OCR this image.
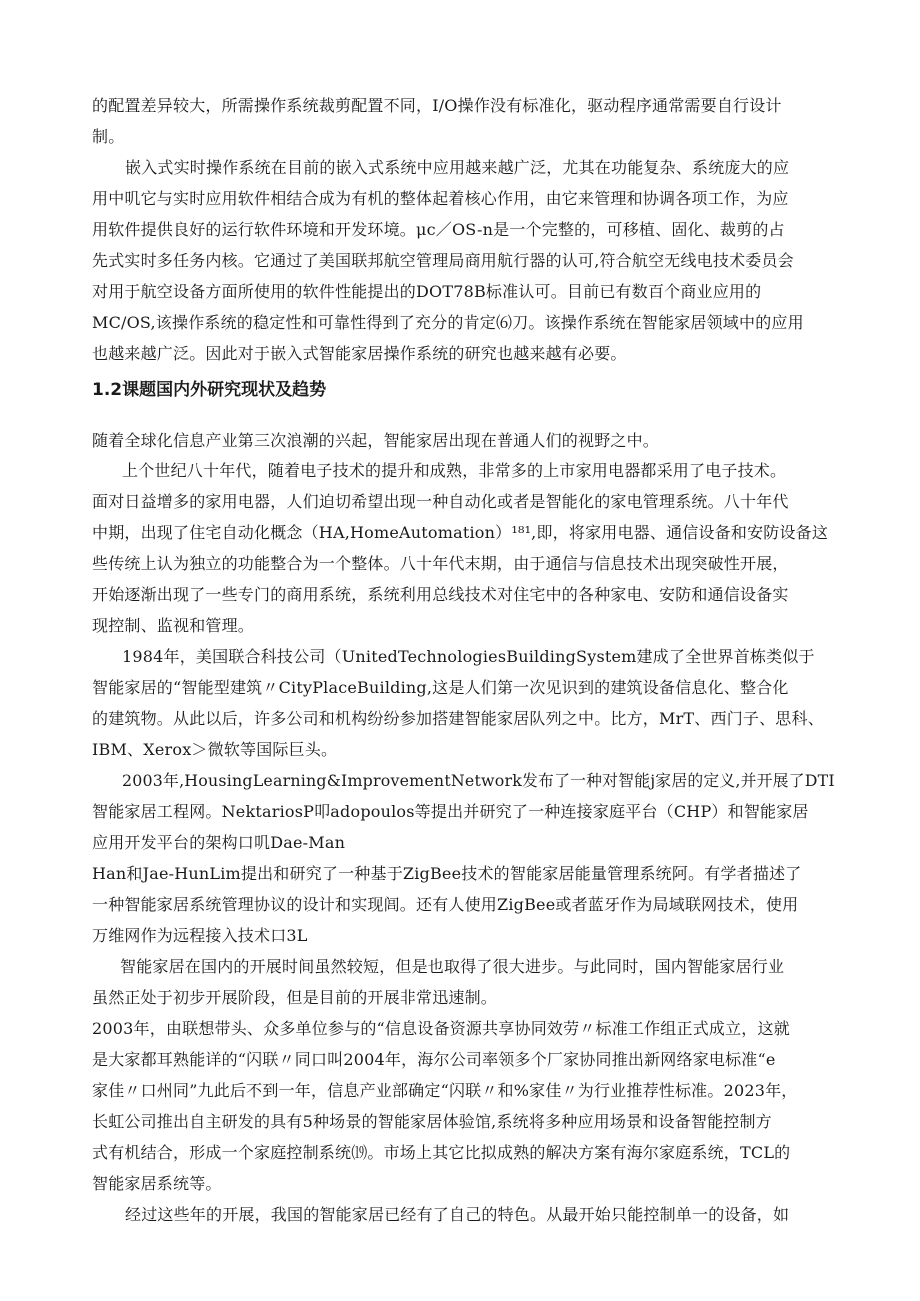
的配置差异较大，所需操作系统裁剪配置不同，I/O操作没有标准化，驱动程序通常需要自行设计
制。
嵌入式实时操作系统在目前的嵌入式系统中应用越来越广泛，尤其在功能复杂、系统庞大的应
用中叽它与实时应用软件相结合成为有机的整体起着核心作用，由它来管理和协调各项工作，为应
用软件提供良好的运行软件环境和开发环境。μc／OS-n是一个完整的，可移植、固化、裁剪的占
先式实时多任务内核。它通过了美国联邦航空管理局商用航行器的认可,符合航空无线电技术委员会
对用于航空设备方面所使用的软件性能提出的DOT78B标准认可。目前已有数百个商业应用的
MC/OS,该操作系统的稳定性和可靠性得到了充分的肯定⑹刀。该操作系统在智能家居领域中的应用
也越来越广泛。因此对于嵌入式智能家居操作系统的研究也越来越有必要。
1.2课题国内外研究现状及趋势
随着全球化信息产业第三次浪潮的兴起，智能家居出现在普通人们的视野之中。
上个世纪八十年代，随着电子技术的提升和成熟，非常多的上市家用电器都采用了电子技术。
面对日益增多的家用电器，人们迫切希望出现一种自动化或者是智能化的家电管理系统。八十年代
中期，出现了住宅自动化概念（HA,HomeAutomation）¹⁸¹,即，将家用电器、通信设备和安防设备这
些传统上认为独立的功能整合为一个整体。八十年代末期，由于通信与信息技术出现突破性开展，
开始逐渐出现了一些专门的商用系统，系统利用总线技术对住宅中的各种家电、安防和通信设备实
现控制、监视和管理。
1984年，美国联合科技公司（UnitedTechnologiesBuildingSystem建成了全世界首栋类似于
智能家居的“智能型建筑〃CityPlaceBuilding,这是人们第一次见识到的建筑设备信息化、整合化
的建筑物。从此以后，许多公司和机构纷纷参加搭建智能家居队列之中。比方，MrT、西门子、思科、
IBM、Xerox＞微软等国际巨头。
2003年,HousingLearning&ImprovementNetwork发布了一种对智能j家居的定义,并开展了DTI
智能家居工程网。NektariosP叩adopoulos等提出并研究了一种连接家庭平台（CHP）和智能家居
应用开发平台的架构口叽Dae-Man
Han和Jae-HunLim提出和研究了一种基于ZigBee技术的智能家居能量管理系统阿。有学者描述了
一种智能家居系统管理协议的设计和实现闾。还有人使用ZigBee或者蓝牙作为局域联网技术，使用
万维网作为远程接入技术口3L
智能家居在国内的开展时间虽然较短，但是也取得了很大进步。与此同时，国内智能家居行业
虽然正处于初步开展阶段，但是目前的开展非常迅速制。
2003年，由联想带头、众多单位参与的“信息设备资源共享协同效劳〃标准工作组正式成立，这就
是大家都耳熟能详的“闪联〃同口叫2004年，海尔公司率领多个厂家协同推出新网络家电标准“e
家佳〃口州同”九此后不到一年，信息产业部确定“闪联〃和%家佳〃为行业推荐性标准。2023年，
长虹公司推出自主研发的具有5种场景的智能家居体验馆,系统将多种应用场景和设备智能控制方
式有机结合，形成一个家庭控制系统⒆。市场上其它比拟成熟的解决方案有海尔家庭系统，TCL的
智能家居系统等。
经过这些年的开展，我国的智能家居已经有了自己的特色。从最开始只能控制单一的设备，如
